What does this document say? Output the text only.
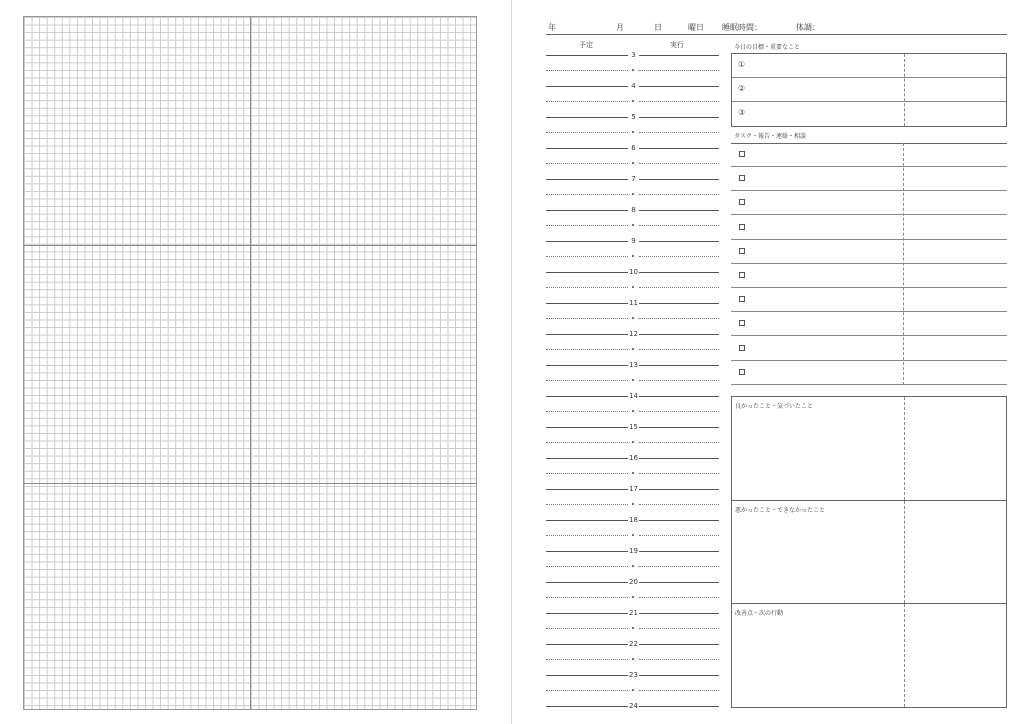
年	月	日	曜日 睡眠時間：	体調：
予定	実行
3
4
5
6
7
8
9
10
11
12
13
14
15
16
17
18
19
20
21
22
23
24
今日の目標・重要なこと
①
②
③
タスク・報告・連絡・相談
良かったこと・気づいたこと
悪かったこと・できなかったこと
改善点・次の行動
